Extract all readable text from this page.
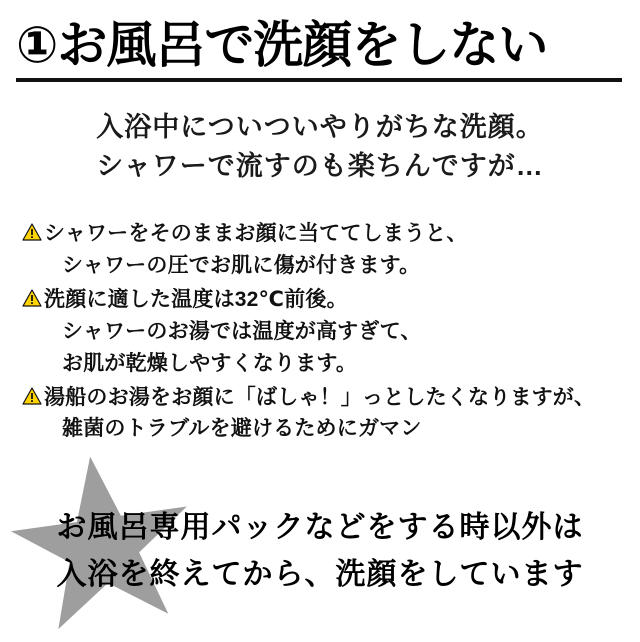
①お風呂で洗顔をしない
入浴中についついやりがちな洗顔。
シャワーで流すのも楽ちんですが…
シャワーをそのままお顔に当ててしまうと、
シャワーの圧でお肌に傷が付きます。
洗顔に適した温度は32℃前後。
シャワーのお湯では温度が高すぎて、
お肌が乾燥しやすくなります。
湯船のお湯をお顔に「ばしゃ！」っとしたくなりますが、
雑菌のトラブルを避けるためにガマン
お風呂専用パックなどをする時以外は
入浴を終えてから、洗顔をしています
